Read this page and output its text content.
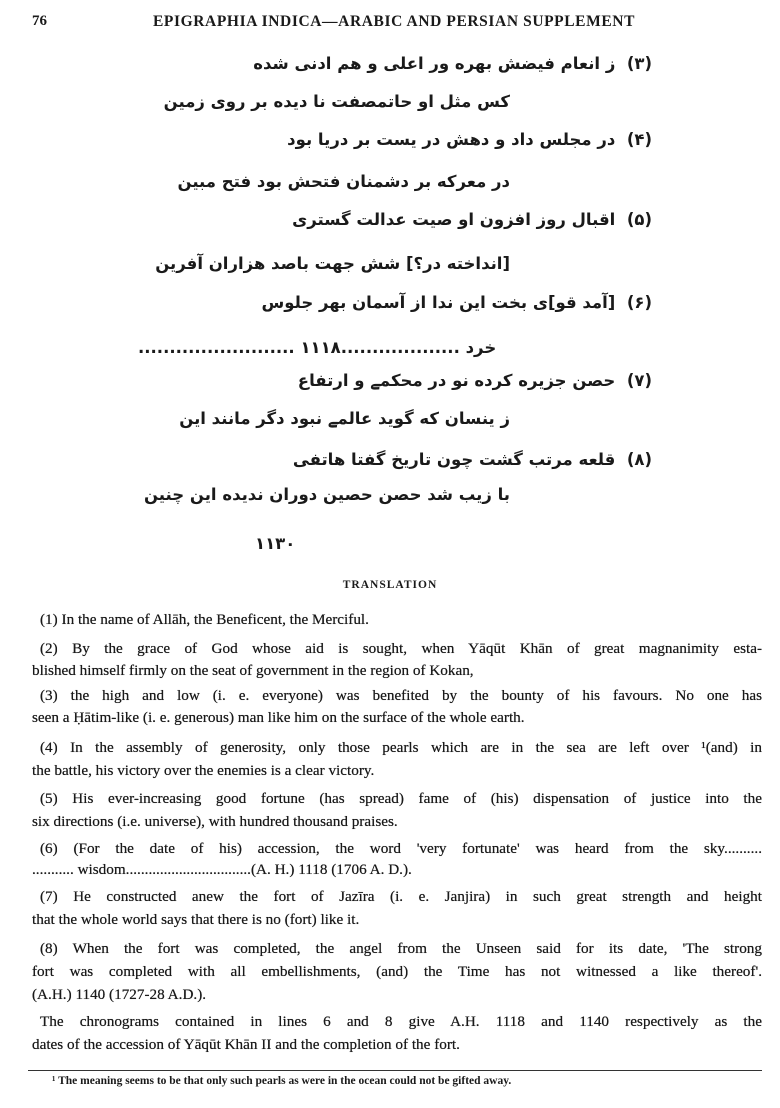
76	EPIGRAPHIA INDICA—ARABIC AND PERSIAN SUPPLEMENT
(۳)  ز انعام فیضش بهره ور اعلی و هم ادنی شده
کس مثل او حاتمصفت نا دیده بر روی زمین
(۴)  در مجلس داد و دهش در یست بر دریا بود
در معرکه بر دشمنان فتحش بود فتح مبین
(۵)  اقبال روز افزون او صیت عدالت گستری
[انداخته در؟] شش جهت باصد هزاران آفرین
(۶)  [آمد قو]ی بخت این ندا از آسمان بهر جلوس
......................... خرد ...................۱۱۱۸
(۷)  حصن جزیره کرده نو در محکمے و ارتفاع
ز ینسان که گوید عالمے نبود دگر مانند این
(۸)  قلعه مرتب گشت چون تاریخ گفتا هاتفی
با زیب شد حصن حصین دوران ندیده این چنین
۱۱۳۰
TRANSLATION
(1) In the name of Allāh, the Beneficent, the Merciful.
(2) By the grace of God whose aid is sought, when Yāqūt Khān of great magnanimity esta-
blished himself firmly on the seat of government in the region of Kokan,
(3) the high and low (i. e. everyone) was benefited by the bounty of his favours. No one has
seen a Ḥātim-like (i. e. generous) man like him on the surface of the whole earth.
(4) In the assembly of generosity, only those pearls which are in the sea are left over ¹(and) in
the battle, his victory over the enemies is a clear victory.
(5) His ever-increasing good fortune (has spread) fame of (his) dispensation of justice into the
six directions (i.e. universe), with hundred thousand praises.
(6) (For the date of his) accession, the word 'very fortunate' was heard from the sky..........
........... wisdom.................................(A. H.) 1118 (1706 A. D.).
(7) He constructed anew the fort of Jazīra (i. e. Janjira) in such great strength and height
that the whole world says that there is no (fort) like it.
(8) When the fort was completed, the angel from the Unseen said for its date, 'The strong
fort was completed with all embellishments, (and) the Time has not witnessed a like thereof'.
(A.H.) 1140 (1727-28 A.D.).
The chronograms contained in lines 6 and 8 give A.H. 1118 and 1140 respectively as the
dates of the accession of Yāqūt Khān II and the completion of the fort.
¹ The meaning seems to be that only such pearls as were in the ocean could not be gifted away.
